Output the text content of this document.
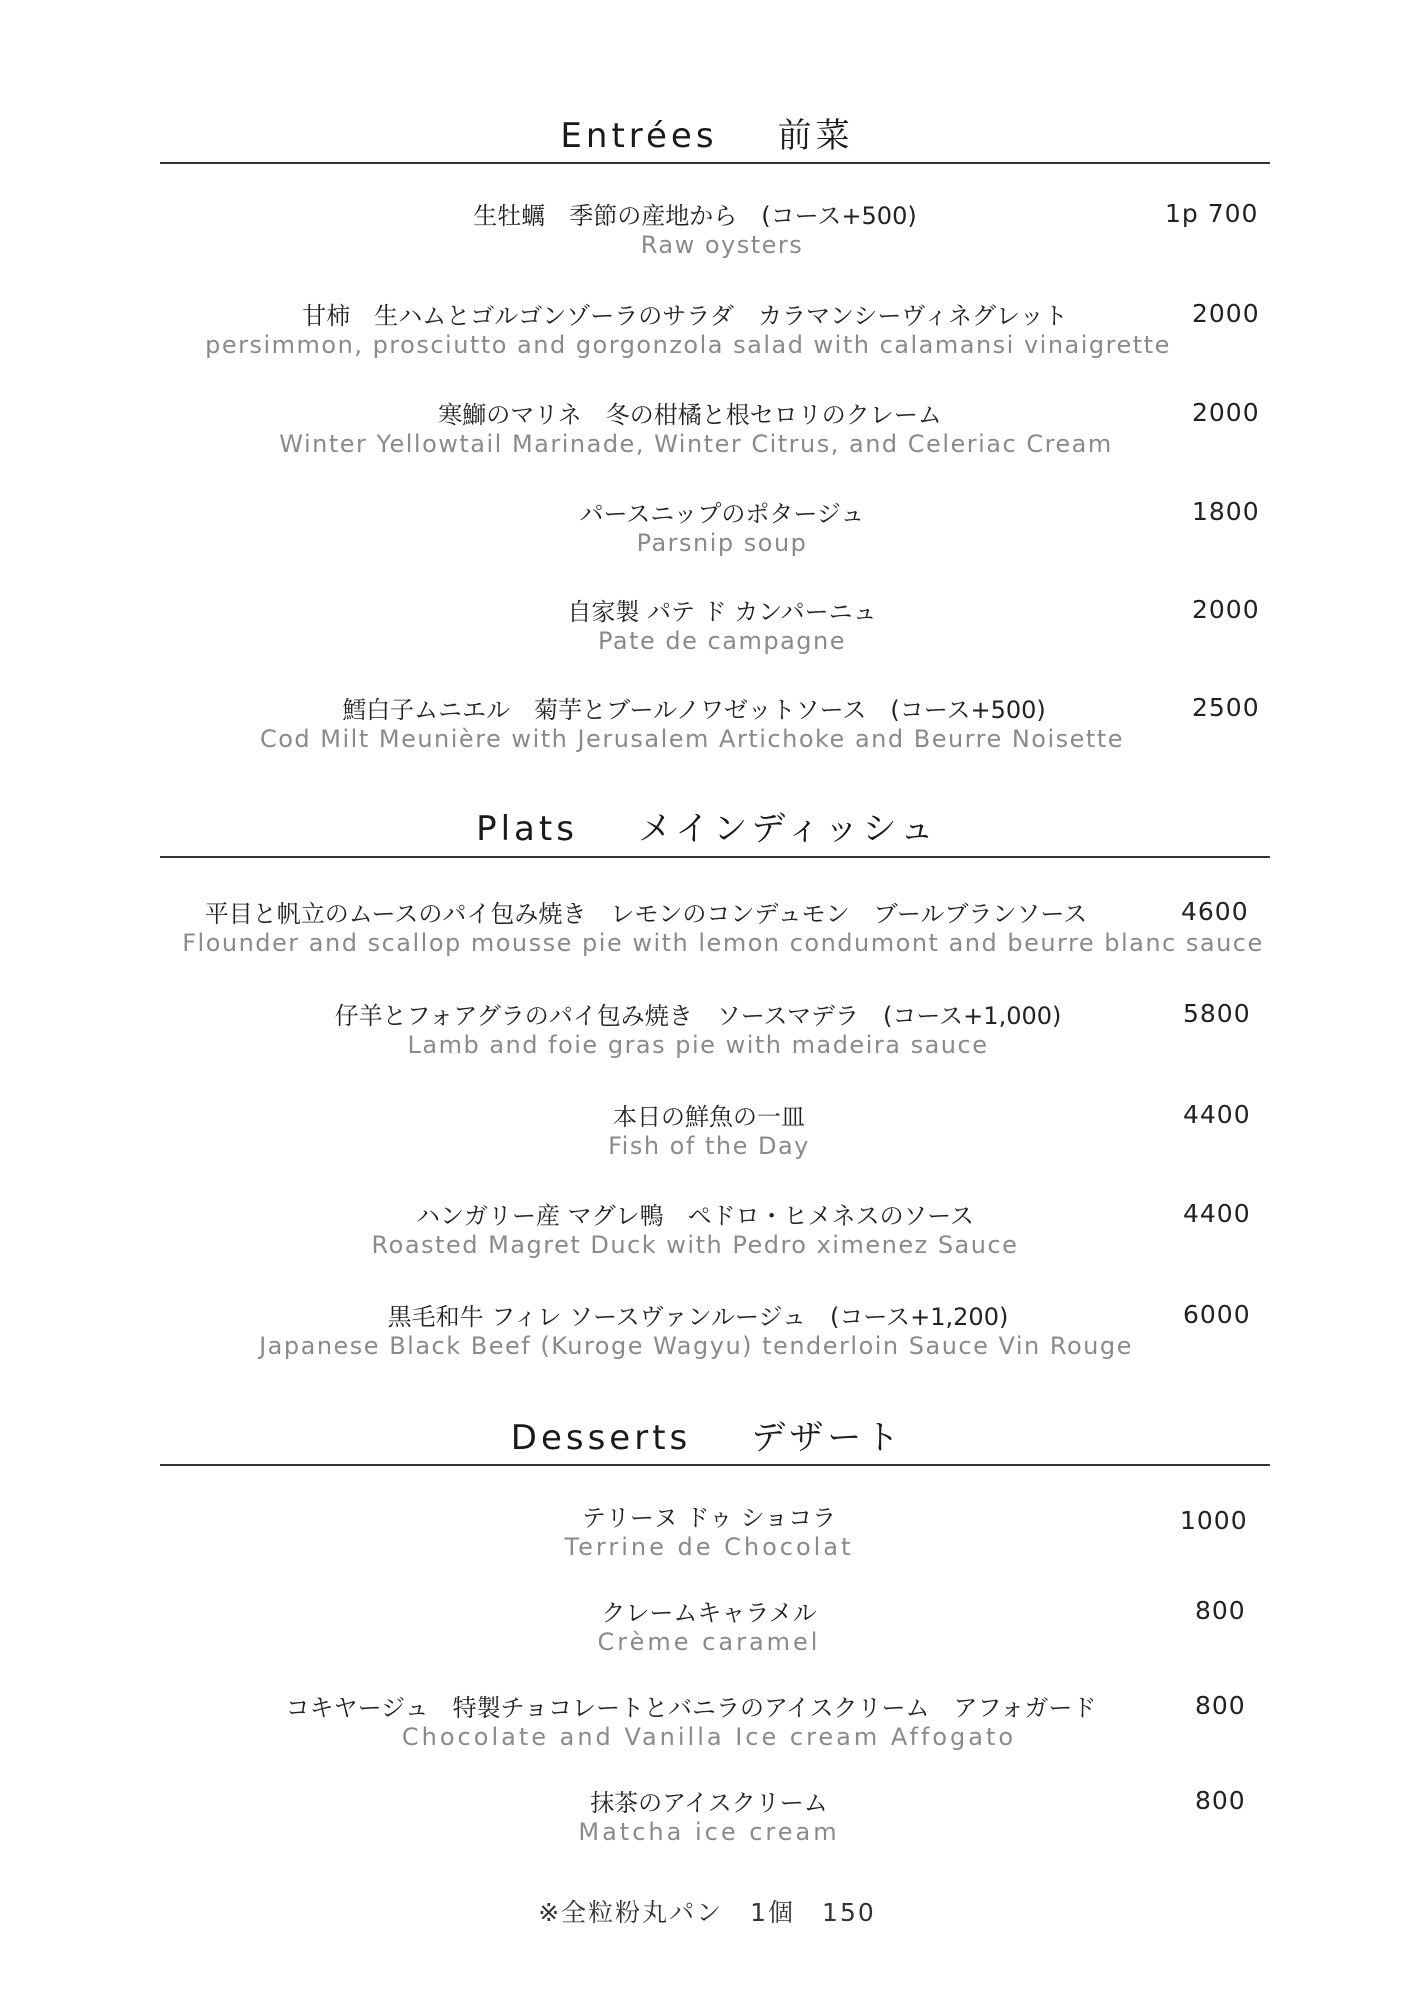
Entrées 前菜
Plats メインディッシュ
Desserts デザート
生牡蠣　季節の産地から　(コース+500)
Raw oysters
1p 700
甘柿　生ハムとゴルゴンゾーラのサラダ　カラマンシーヴィネグレット
persimmon, prosciutto and gorgonzola salad with calamansi vinaigrette
2000
寒鰤のマリネ　冬の柑橘と根セロリのクレーム
Winter Yellowtail Marinade, Winter Citrus, and Celeriac Cream
2000
パースニップのポタージュ
Parsnip soup
1800
自家製 パテ ド カンパーニュ
Pate de campagne
2000
鱈白子ムニエル　菊芋とブールノワゼットソース　(コース+500)
Cod Milt Meunière with Jerusalem Artichoke and Beurre Noisette
2500
平目と帆立のムースのパイ包み焼き　レモンのコンデュモン　ブールブランソース
Flounder and scallop mousse pie with lemon condumont and beurre blanc sauce
4600
仔羊とフォアグラのパイ包み焼き　ソースマデラ　(コース+1,000)
Lamb and foie gras pie with madeira sauce
5800
本日の鮮魚の一皿
Fish of the Day
4400
ハンガリー産 マグレ鴨　ペドロ・ヒメネスのソース
Roasted Magret Duck with Pedro ximenez Sauce
4400
黒毛和牛 フィレ ソースヴァンルージュ　(コース+1,200)
Japanese Black Beef (Kuroge Wagyu) tenderloin Sauce Vin Rouge
6000
テリーヌ ドゥ ショコラ
Terrine de Chocolat
1000
クレームキャラメル
Crème caramel
800
コキヤージュ　特製チョコレートとバニラのアイスクリーム　アフォガード
Chocolate and Vanilla Ice cream Affogato
800
抹茶のアイスクリーム
Matcha ice cream
800
※全粒粉丸パン　1個　150
